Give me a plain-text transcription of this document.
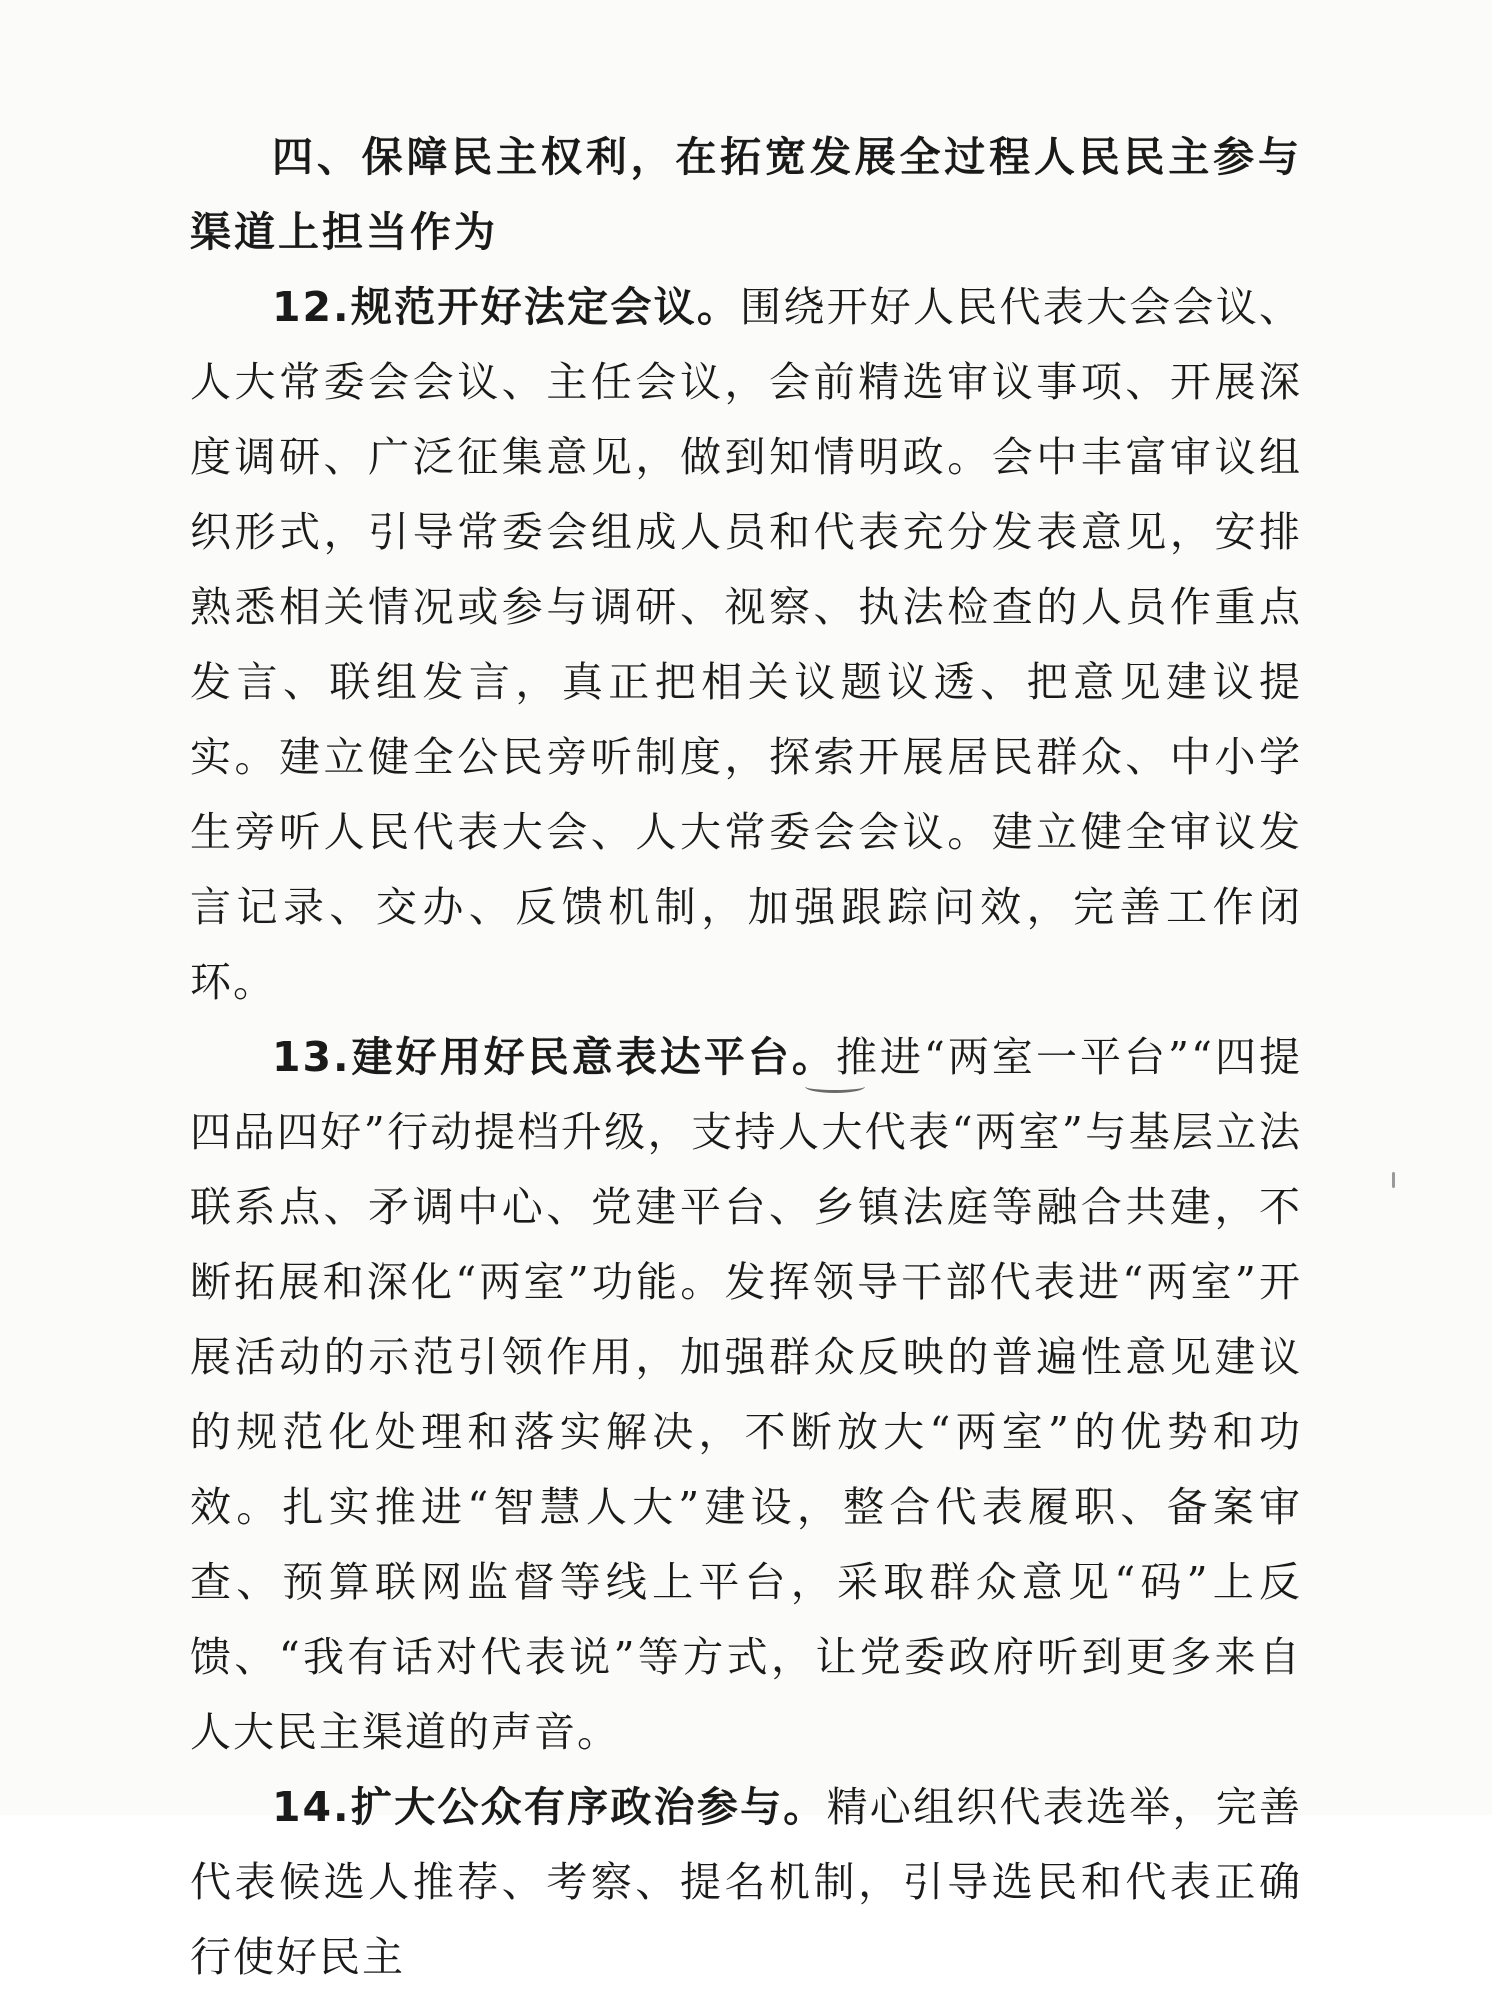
四、保障民主权利，在拓宽发展全过程人民民主参与渠道上担当作为

12.规范开好法定会议。围绕开好人民代表大会会议、人大常委会会议、主任会议，会前精选审议事项、开展深度调研、广泛征集意见，做到知情明政。会中丰富审议组织形式，引导常委会组成人员和代表充分发表意见，安排熟悉相关情况或参与调研、视察、执法检查的人员作重点发言、联组发言，真正把相关议题议透、把意见建议提实。建立健全公民旁听制度，探索开展居民群众、中小学生旁听人民代表大会、人大常委会会议。建立健全审议发言记录、交办、反馈机制，加强跟踪问效，完善工作闭环。

13.建好用好民意表达平台。推进“两室一平台”“四提四品四好”行动提档升级，支持人大代表“两室”与基层立法联系点、矛调中心、党建平台、乡镇法庭等融合共建，不断拓展和深化“两室”功能。发挥领导干部代表进“两室”开展活动的示范引领作用，加强群众反映的普遍性意见建议的规范化处理和落实解决，不断放大“两室”的优势和功效。扎实推进“智慧人大”建设，整合代表履职、备案审查、预算联网监督等线上平台，采取群众意见“码”上反馈、“我有话对代表说”等方式，让党委政府听到更多来自人大民主渠道的声音。

14.扩大公众有序政治参与。精心组织代表选举，完善代表候选人推荐、考察、提名机制，引导选民和代表正确行使好民主
